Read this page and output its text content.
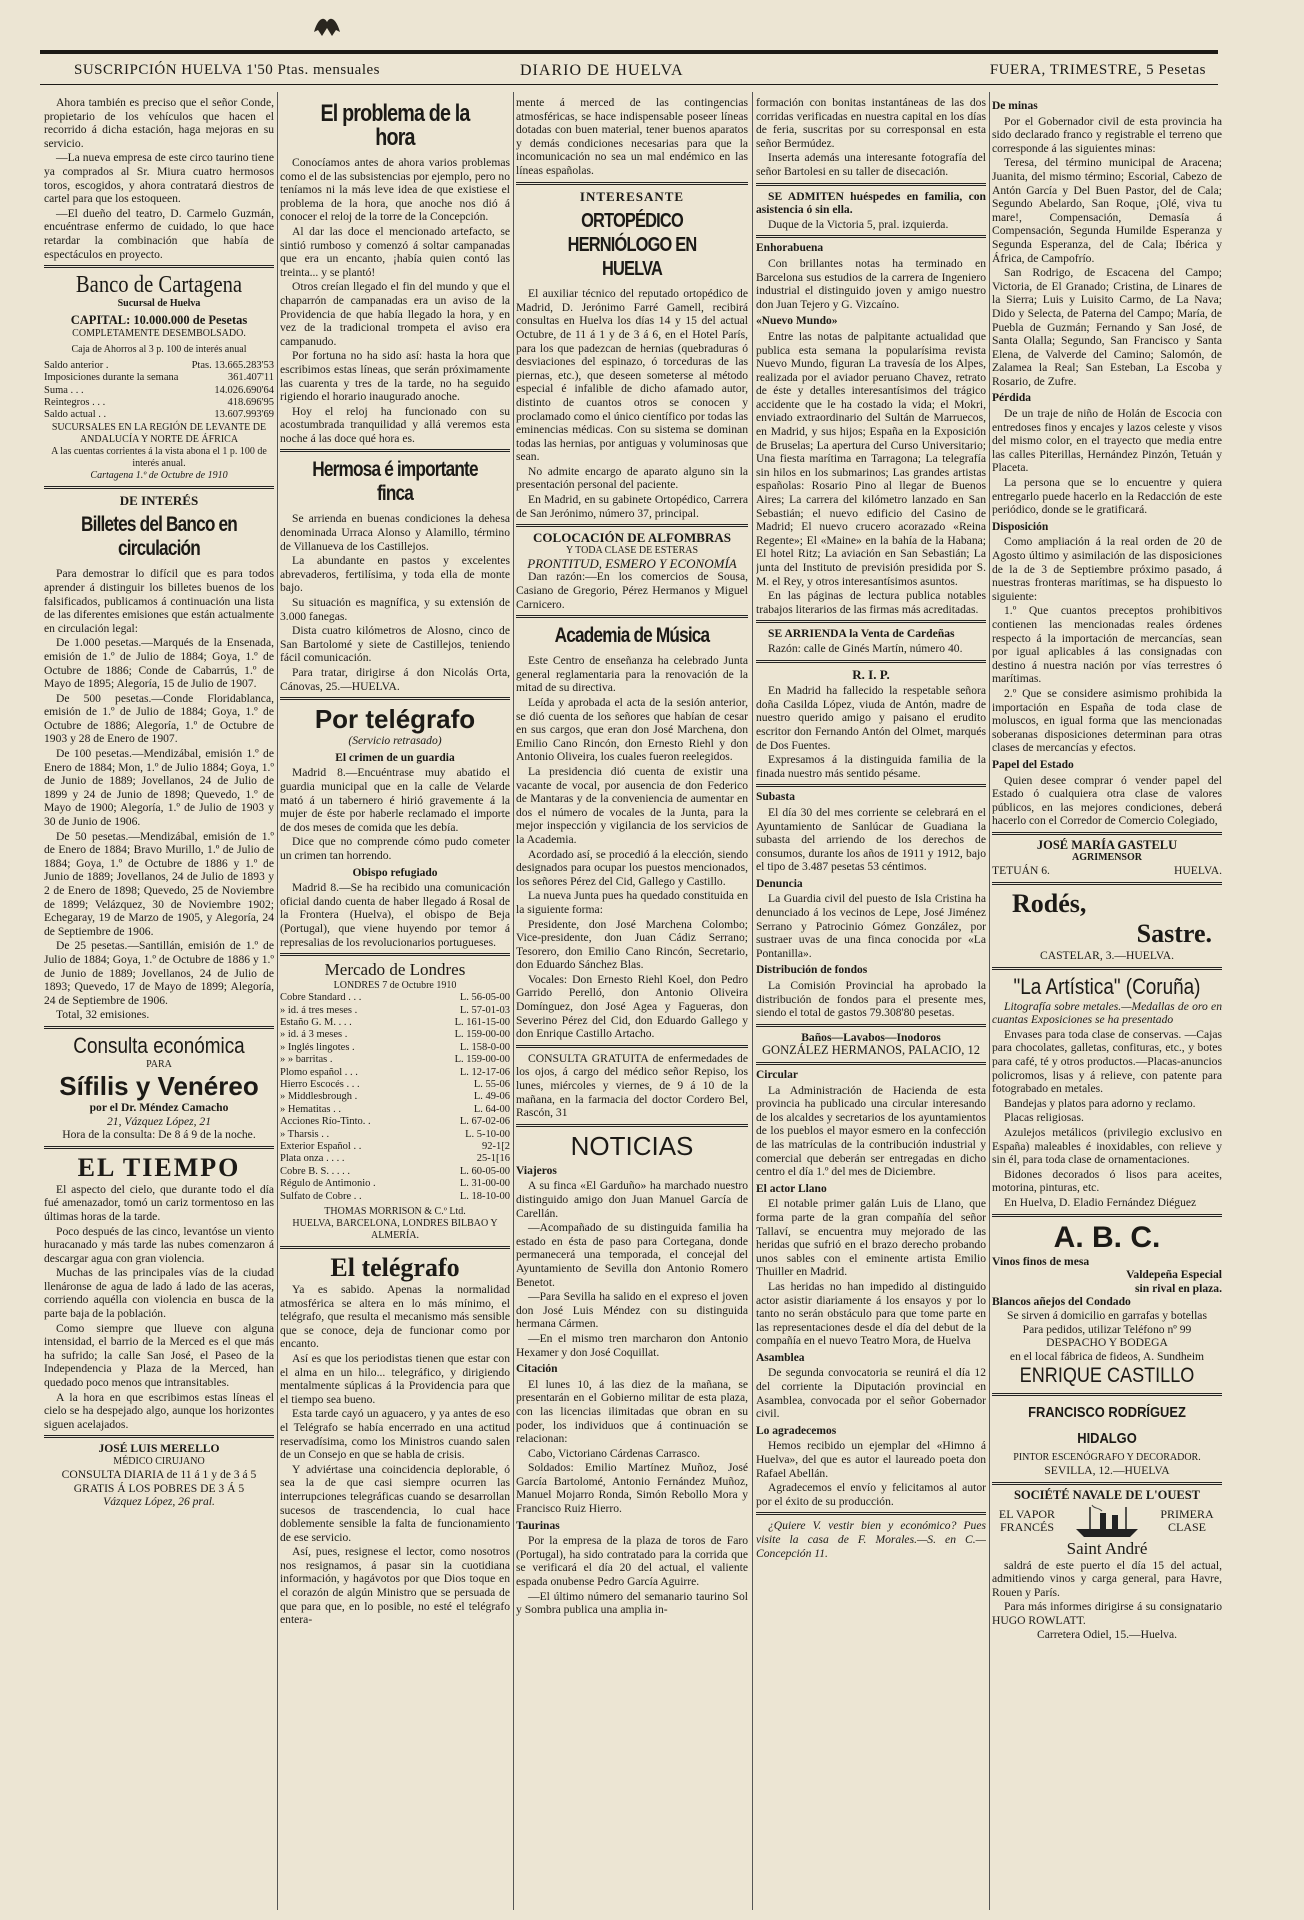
SUSCRIPCIÓN HUELVA 1'50 Ptas. mensuales	DIARIO DE HUELVA	FUERA, TRIMESTRE, 5 Pesetas

Ahora también es preciso que el señor Conde, propietario de los vehículos que hacen el recorrido á dicha estación, haga mejoras en su servicio.

—La nueva empresa de este circo taurino tiene ya comprados al Sr. Miura cuatro hermosos toros, escogidos, y ahora contratará diestros de cartel para que los estoqueen.

—El dueño del teatro, D. Carmelo Guzmán, encuéntrase enfermo de cuidado, lo que hace retardar la combinación que había de espectáculos en proyecto.

Banco de Cartagena
Sucursal de Huelva
CAPITAL: 10.000.000 de Pesetas
COMPLETAMENTE DESEMBOLSADO.
Caja de Ahorros al 3 p. 100 de interés anual
Saldo anterior .	Ptas. 13.665.283'53
Imposiciones durante la semana	361.407'11
Suma . . .	14.026.690'64
Reintegros . . .	418.696'95
Saldo actual . .	13.607.993'69
SUCURSALES EN LA REGIÓN DE LEVANTE DE ANDALUCÍA Y NORTE DE ÁFRICA
A las cuentas corrientes á la vista abona el 1 p. 100 de interés anual.
Cartagena 1.º de Octubre de 1910
DE INTERÉS
Billetes del Banco en circulación

Para demostrar lo difícil que es para todos aprender á distinguir los billetes buenos de los falsificados, publicamos á continuación una lista de las diferentes emisiones que están actualmente en circulación legal:

De 1.000 pesetas.—Marqués de la Ensenada, emisión de 1.º de Julio de 1884; Goya, 1.º de Octubre de 1886; Conde de Cabarrús, 1.º de Mayo de 1895; Alegoría, 15 de Julio de 1907.

De 500 pesetas.—Conde Floridablanca, emisión de 1.º de Julio de 1884; Goya, 1.º de Octubre de 1886; Alegoría, 1.º de Octubre de 1903 y 28 de Enero de 1907.

De 100 pesetas.—Mendizábal, emisión 1.º de Enero de 1884; Mon, 1.º de Julio 1884; Goya, 1.º de Junio de 1889; Jovellanos, 24 de Julio de 1899 y 24 de Junio de 1898; Quevedo, 1.º de Mayo de 1900; Alegoría, 1.º de Julio de 1903 y 30 de Junio de 1906.

De 50 pesetas.—Mendizábal, emisión de 1.º de Enero de 1884; Bravo Murillo, 1.º de Julio de 1884; Goya, 1.º de Octubre de 1886 y 1.º de Junio de 1889; Jovellanos, 24 de Julio de 1893 y 2 de Enero de 1898; Quevedo, 25 de Noviembre de 1899; Velázquez, 30 de Noviembre 1902; Echegaray, 19 de Marzo de 1905, y Alegoría, 24 de Septiembre de 1906.

De 25 pesetas.—Santillán, emisión de 1.º de Julio de 1884; Goya, 1.º de Octubre de 1886 y 1.º de Junio de 1889; Jovellanos, 24 de Julio de 1893; Quevedo, 17 de Mayo de 1899; Alegoría, 24 de Septiembre de 1906.

Total, 32 emisiones.

Consulta económica
PARA
Sífilis y Venéreo
por el Dr. Méndez Camacho
21, Vázquez López, 21
Hora de la consulta: De 8 á 9 de la noche.
EL TIEMPO

El aspecto del cielo, que durante todo el día fué amenazador, tomó un cariz tormentoso en las últimas horas de la tarde.

Poco después de las cinco, levantóse un viento huracanado y más tarde las nubes comenzaron á descargar agua con gran violencia.

Muchas de las principales vías de la ciudad llenáronse de agua de lado á lado de las aceras, corriendo aquélla con violencia en busca de la parte baja de la población.

Como siempre que llueve con alguna intensidad, el barrio de la Merced es el que más ha sufrido; la calle San José, el Paseo de la Independencia y Plaza de la Merced, han quedado poco menos que intransitables.

A la hora en que escribimos estas líneas el cielo se ha despejado algo, aunque los horizontes siguen acelajados.

JOSÉ LUIS MERELLO
MÉDICO CIRUJANO
CONSULTA DIARIA de 11 á 1 y de 3 á 5
GRATIS Á LOS POBRES DE 3 Á 5
Vázquez López, 26 pral.
El problema de la hora

Conocíamos antes de ahora varios problemas como el de las subsistencias por ejemplo, pero no teníamos ni la más leve idea de que existiese el problema de la hora, que anoche nos dió á conocer el reloj de la torre de la Concepción.

Al dar las doce el mencionado artefacto, se sintió rumboso y comenzó á soltar campanadas que era un encanto, ¡había quien contó las treinta... y se plantó!

Otros creían llegado el fin del mundo y que el chaparrón de campanadas era un aviso de la Providencia de que había llegado la hora, y en vez de la tradicional trompeta el aviso era campanudo.

Por fortuna no ha sido así: hasta la hora que escribimos estas líneas, que serán próximamente las cuarenta y tres de la tarde, no ha seguido rigiendo el horario inaugurado anoche.

Hoy el reloj ha funcionado con su acostumbrada tranquilidad y allá veremos esta noche á las doce qué hora es.

Hermosa é importante finca

Se arrienda en buenas condiciones la dehesa denominada Urraca Alonso y Alamillo, término de Villanueva de los Castillejos.

La abundante en pastos y excelentes abrevaderos, fertilísima, y toda ella de monte bajo.

Su situación es magnífica, y su extensión de 3.000 fanegas.

Dista cuatro kilómetros de Alosno, cinco de San Bartolomé y siete de Castillejos, teniendo fácil comunicación.

Para tratar, dirigirse á don Nicolás Orta, Cánovas, 25.—HUELVA.

Por telégrafo
(Servicio retrasado)
El crimen de un guardia

Madrid 8.—Encuéntrase muy abatido el guardia municipal que en la calle de Velarde mató á un tabernero é hirió gravemente á la mujer de éste por haberle reclamado el importe de dos meses de comida que les debía.

Dice que no comprende cómo pudo cometer un crimen tan horrendo.

Obispo refugiado

Madrid 8.—Se ha recibido una comunicación oficial dando cuenta de haber llegado á Rosal de la Frontera (Huelva), el obispo de Beja (Portugal), que viene huyendo por temor á represalias de los revolucionarios portugueses.

Mercado de Londres
LONDRES 7 de Octubre 1910
Cobre Standard . . .	L. 56-05-00
» id. á tres meses .	L. 57-01-03
Estaño G. M. . . .	L. 161-15-00
» id. á 3 meses .	L. 159-00-00
» Inglés lingotes .	L. 158-0-00
» » barritas .	L. 159-00-00
Plomo español . . .	L. 12-17-06
Hierro Escocés . . .	L. 55-06
» Middlesbrough .	L. 49-06
» Hematitas . .	L. 64-00
Acciones Río-Tinto. .	L. 67-02-06
» Tharsis . .	L. 5-10-00
Exterior Español . .	92-1[2
Plata onza . . . .	25-1[16
Cobre B. S. . . . .	L. 60-05-00
Régulo de Antimonio .	L. 31-00-00
Sulfato de Cobre . .	L. 18-10-00
THOMAS MORRISON & C.º Ltd.
HUELVA, BARCELONA, LONDRES BILBAO Y ALMERÍA.
El telégrafo

Ya es sabido. Apenas la normalidad atmosférica se altera en lo más mínimo, el telégrafo, que resulta el mecanismo más sensible que se conoce, deja de funcionar como por encanto.

Así es que los periodistas tienen que estar con el alma en un hilo... telegráfico, y dirigiendo mentalmente súplicas á la Providencia para que el tiempo sea bueno.

Esta tarde cayó un aguacero, y ya antes de eso el Telégrafo se había encerrado en una actitud reservadísima, como los Ministros cuando salen de un Consejo en que se habla de crisis.

Y adviértase una coincidencia deplorable, ó sea la de que casi siempre ocurren las interrupciones telegráficas cuando se desarrollan sucesos de trascendencia, lo cual hace doblemente sensible la falta de funcionamiento de ese servicio.

Así, pues, resignese el lector, como nosotros nos resignamos, á pasar sin la cuotidiana información, y hagávotos por que Dios toque en el corazón de algún Ministro que se persuada de que para que, en lo posible, no esté el telégrafo entera-

mente á merced de las contingencias atmosféricas, se hace indispensable poseer líneas dotadas con buen material, tener buenos aparatos y demás condiciones necesarias para que la incomunicación no sea un mal endémico en las líneas españolas.

INTERESANTE
ORTOPÉDICO HERNIÓLOGO EN HUELVA

El auxiliar técnico del reputado ortopédico de Madrid, D. Jerónimo Farré Gamell, recibirá consultas en Huelva los días 14 y 15 del actual Octubre, de 11 á 1 y de 3 á 6, en el Hotel París, para los que padezcan de hernias (quebraduras ó desviaciones del espinazo, ó torceduras de las piernas, etc.), que deseen someterse al método especial é infalible de dicho afamado autor, distinto de cuantos otros se conocen y proclamado como el único científico por todas las eminencias médicas. Con su sistema se dominan todas las hernias, por antiguas y voluminosas que sean.

No admite encargo de aparato alguno sin la presentación personal del paciente.

En Madrid, en su gabinete Ortopédico, Carrera de San Jerónimo, número 37, principal.

COLOCACIÓN DE ALFOMBRAS
Y TODA CLASE DE ESTERAS
PRONTITUD, ESMERO Y ECONOMÍA

Dan razón:—En los comercios de Sousa, Casiano de Gregorio, Pérez Hermanos y Miguel Carnicero.

Academia de Música

Este Centro de enseñanza ha celebrado Junta general reglamentaria para la renovación de la mitad de su directiva.

Leída y aprobada el acta de la sesión anterior, se dió cuenta de los señores que habían de cesar en sus cargos, que eran don José Marchena, don Emilio Cano Rincón, don Ernesto Riehl y don Antonio Oliveira, los cuales fueron reelegidos.

La presidencia dió cuenta de existir una vacante de vocal, por ausencia de don Federico de Mantaras y de la conveniencia de aumentar en dos el número de vocales de la Junta, para la mejor inspección y vigilancia de los servicios de la Academia.

Acordado así, se procedió á la elección, siendo designados para ocupar los puestos mencionados, los señores Pérez del Cid, Gallego y Castillo.

La nueva Junta pues ha quedado constituida en la siguiente forma:

Presidente, don José Marchena Colombo; Vice-presidente, don Juan Cádiz Serrano; Tesorero, don Emilio Cano Rincón, Secretario, don Eduardo Sánchez Blas.

Vocales: Don Ernesto Riehl Koel, don Pedro Garrido Perelló, don Antonio Oliveira Domínguez, don José Agea y Fagueras, don Severino Pérez del Cid, don Eduardo Gallego y don Enrique Castillo Artacho.

CONSULTA GRATUITA de enfermedades de los ojos, á cargo del médico señor Repiso, los lunes, miércoles y viernes, de 9 á 10 de la mañana, en la farmacia del doctor Cordero Bel, Rascón, 31

NOTICIAS
Viajeros

A su finca «El Garduño» ha marchado nuestro distinguido amigo don Juan Manuel García de Carellán.

—Acompañado de su distinguida familia ha estado en ésta de paso para Cortegana, donde permanecerá una temporada, el concejal del Ayuntamiento de Sevilla don Antonio Romero Benetot.

—Para Sevilla ha salido en el expreso el joven don José Luis Méndez con su distinguida hermana Cármen.

—En el mismo tren marcharon don Antonio Hexamer y don José Coquillat.

Citación

El lunes 10, á las diez de la mañana, se presentarán en el Gobierno militar de esta plaza, con las licencias ilimitadas que obran en su poder, los individuos que á continuación se relacionan:

Cabo, Victoriano Cárdenas Carrasco.

Soldados: Emilio Martínez Muñoz, José García Bartolomé, Antonio Fernández Muñoz, Manuel Mojarro Ronda, Simón Rebollo Mora y Francisco Ruiz Hierro.

Taurinas

Por la empresa de la plaza de toros de Faro (Portugal), ha sido contratado para la corrida que se verificará el día 20 del actual, el valiente espada onubense Pedro García Aguirre.

—El último número del semanario taurino Sol y Sombra publica una amplia in-

formación con bonitas instantáneas de las dos corridas verificadas en nuestra capital en los días de feria, suscritas por su corresponsal en esta señor Bermúdez.

Inserta además una interesante fotografía del señor Bartolesi en su taller de disecación.

SE ADMITEN huéspedes en familia, con asistencia ó sin ella.

Duque de la Victoria 5, pral. izquierda.

Enhorabuena

Con brillantes notas ha terminado en Barcelona sus estudios de la carrera de Ingeniero industrial el distinguido joven y amigo nuestro don Juan Tejero y G. Vizcaíno.

«Nuevo Mundo»

Entre las notas de palpitante actualidad que publica esta semana la popularísima revista Nuevo Mundo, figuran La travesía de los Alpes, realizada por el aviador peruano Chavez, retrato de éste y detalles interesantísimos del trágico accidente que le ha costado la vida; el Mokri, enviado extraordinario del Sultán de Marruecos, en Madrid, y sus hijos; España en la Exposición de Bruselas; La apertura del Curso Universitario; Una fiesta marítima en Tarragona; La telegrafía sin hilos en los submarinos; Las grandes artistas españolas: Rosario Pino al llegar de Buenos Aires; La carrera del kilómetro lanzado en San Sebastián; el nuevo edificio del Casino de Madrid; El nuevo crucero acorazado «Reina Regente»; El «Maine» en la bahía de la Habana; El hotel Ritz; La aviación en San Sebastián; La junta del Instituto de previsión presidida por S. M. el Rey, y otros interesantísimos asuntos.

En las páginas de lectura publica notables trabajos literarios de las firmas más acreditadas.

SE ARRIENDA la Venta de Cardeñas

Razón: calle de Ginés Martín, número 40.

R. I. P.

En Madrid ha fallecido la respetable señora doña Casilda López, viuda de Antón, madre de nuestro querido amigo y paisano el erudito escritor don Fernando Antón del Olmet, marqués de Dos Fuentes.

Expresamos á la distinguida familia de la finada nuestro más sentido pésame.

Subasta

El día 30 del mes corriente se celebrará en el Ayuntamiento de Sanlúcar de Guadiana la subasta del arriendo de los derechos de consumos, durante los años de 1911 y 1912, bajo el tipo de 3.487 pesetas 53 céntimos.

Denuncia

La Guardia civil del puesto de Isla Cristina ha denunciado á los vecinos de Lepe, José Jiménez Serrano y Patrocinio Gómez González, por sustraer uvas de una finca conocida por «La Pontanilla».

Distribución de fondos

La Comisión Provincial ha aprobado la distribución de fondos para el presente mes, siendo el total de gastos 79.308'80 pesetas.

Baños—Lavabos—Inodoros
GONZÁLEZ HERMANOS, PALACIO, 12
Circular

La Administración de Hacienda de esta provincia ha publicado una circular interesando de los alcaldes y secretarios de los ayuntamientos de los pueblos el mayor esmero en la confección de las matrículas de la contribución industrial y comercial que deberán ser entregadas en dicho centro el día 1.º del mes de Diciembre.

El actor Llano

El notable primer galán Luis de Llano, que forma parte de la gran compañía del señor Tallaví, se encuentra muy mejorado de las heridas que sufrió en el brazo derecho probando unos sables con el eminente artista Emilio Thuiller en Madrid.

Las heridas no han impedido al distinguido actor asistir diariamente á los ensayos y por lo tanto no serán obstáculo para que tome parte en las representaciones desde el día del debut de la compañía en el nuevo Teatro Mora, de Huelva

Asamblea

De segunda convocatoria se reunirá el día 12 del corriente la Diputación provincial en Asamblea, convocada por el señor Gobernador civil.

Lo agradecemos

Hemos recibido un ejemplar del «Himno á Huelva», del que es autor el laureado poeta don Rafael Abellán.

Agradecemos el envío y felicitamos al autor por el éxito de su producción.

¿Quiere V. vestir bien y económico? Pues visite la casa de F. Morales.—S. en C.—Concepción 11.

De minas

Por el Gobernador civil de esta provincia ha sido declarado franco y registrable el terreno que corresponde á las siguientes minas:

Teresa, del término municipal de Aracena; Juanita, del mismo término; Escorial, Cabezo de Antón García y Del Buen Pastor, del de Cala; Segundo Abelardo, San Roque, ¡Olé, viva tu mare!, Compensación, Demasía á Compensación, Segunda Humilde Esperanza y Segunda Esperanza, del de Cala; Ibérica y África, de Campofrío.

San Rodrigo, de Escacena del Campo; Victoria, de El Granado; Cristina, de Linares de la Sierra; Luis y Luisito Carmo, de La Nava; Dido y Selecta, de Paterna del Campo; María, de Puebla de Guzmán; Fernando y San José, de Santa Olalla; Segundo, San Francisco y Santa Elena, de Valverde del Camino; Salomón, de Zalamea la Real; San Esteban, La Escoba y Rosario, de Zufre.

Pérdida

De un traje de niño de Holán de Escocia con entredoses finos y encajes y lazos celeste y visos del mismo color, en el trayecto que media entre las calles Piterillas, Hernández Pinzón, Tetuán y Placeta.

La persona que se lo encuentre y quiera entregarlo puede hacerlo en la Redacción de este periódico, donde se le gratificará.

Disposición

Como ampliación á la real orden de 20 de Agosto último y asimilación de las disposiciones de la de 3 de Septiembre próximo pasado, á nuestras fronteras marítimas, se ha dispuesto lo siguiente:

1.º Que cuantos preceptos prohibitivos contienen las mencionadas reales órdenes respecto á la importación de mercancías, sean por igual aplicables á las consignadas con destino á nuestra nación por vías terrestres ó marítimas.

2.º Que se considere asimismo prohibida la importación en España de toda clase de moluscos, en igual forma que las mencionadas soberanas disposiciones determinan para otras clases de mercancías y efectos.

Papel del Estado

Quien desee comprar ó vender papel del Estado ó cualquiera otra clase de valores públicos, en las mejores condiciones, deberá hacerlo con el Corredor de Comercio Colegiado,

JOSÉ MARÍA GASTELU
AGRIMENSOR
TETUÁN 6.	HUELVA.
Rodés,
Sastre.
CASTELAR, 3.—HUELVA.
"La Artística" (Coruña)

Litografía sobre metales.—Medallas de oro en cuantas Exposiciones se ha presentado

Envases para toda clase de conservas. —Cajas para chocolates, galletas, confituras, etc., y botes para café, té y otros productos.—Placas-anuncios policromos, lisas y á relieve, con patente para fotograbado en metales.

Bandejas y platos para adorno y reclamo.

Placas religiosas.

Azulejos metálicos (privilegio exclusivo en España) maleables é inoxidables, con relieve y sin él, para toda clase de ornamentaciones.

Bidones decorados ó lisos para aceites, motorina, pinturas, etc.

En Huelva, D. Eladio Fernández Diéguez

A. B. C.
Vinos finos de mesa
Valdepeña Especial
sin rival en plaza.
Blancos añejos del Condado
Se sirven á domicilio en garrafas y botellas
Para pedidos, utilizar Teléfono nº 99
DESPACHO Y BODEGA
en el local fábrica de fideos, A. Sundheim
ENRIQUE CASTILLO
FRANCISCO RODRÍGUEZ HIDALGO
PINTOR ESCENÓGRAFO Y DECORADOR.
SEVILLA, 12.—HUELVA
SOCIÉTÉ NAVALE DE L'OUEST
EL VAPOR FRANCÉS
PRIMERA CLASE
Saint André

saldrá de este puerto el día 15 del actual, admitiendo vinos y carga general, para Havre, Rouen y París.

Para más informes dirigirse á su consignatario HUGO ROWLATT.

Carretera Odiel, 15.—Huelva.
